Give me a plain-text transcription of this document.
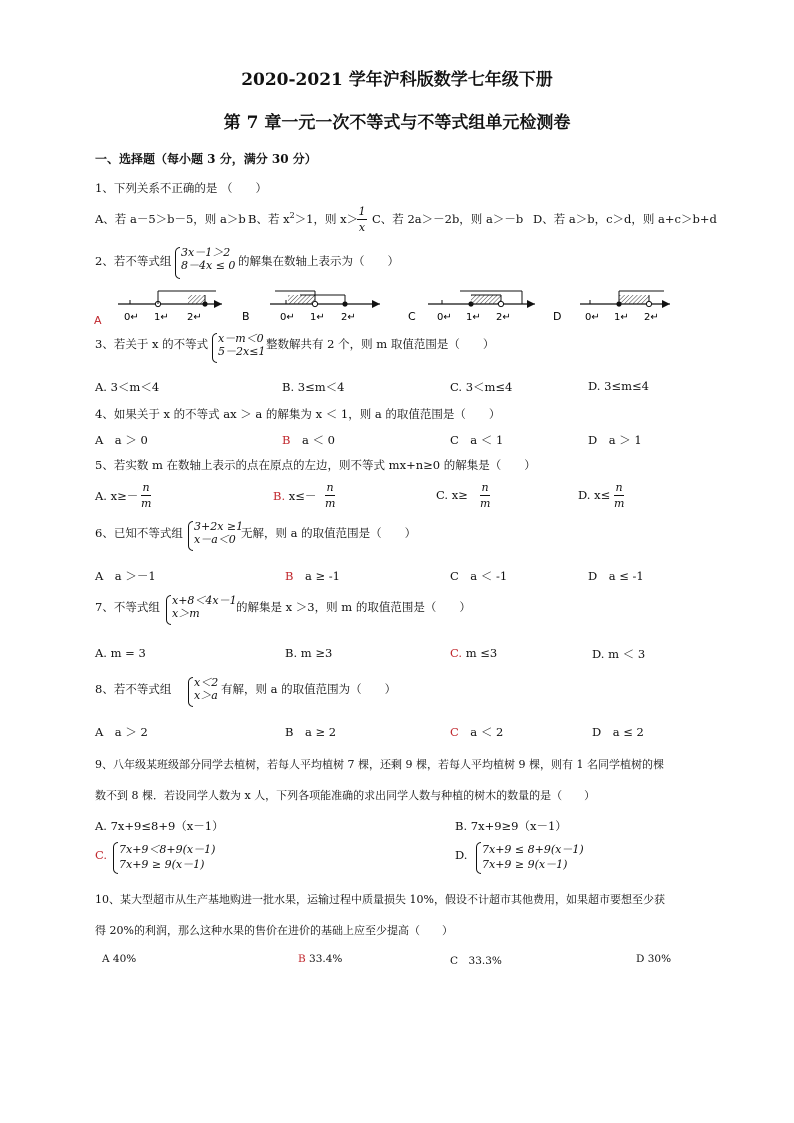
2020-2021 学年沪科版数学七年级下册
第 7 章一元一次不等式与不等式组单元检测卷
一、选择题（每小题 3 分，满分 30 分）
1、下列关系不正确的是 （　　）
A、若 a－5＞b－5，则 a＞b B、若 $x^2>1$，则 x＞
1
x
C、若 2a＞－2b，则 a＞－b D、若 a＞b，c＞d，则 a+c＞b+d
2、若不等式组
3x－1＞2
8－4x ≤ 0 的解集在数轴上表示为（　　）
0↵ 1↵ 2↵
A	0↵ 1↵ 2↵
B	0↵ 1↵ 2↵
C	0↵ 1↵ 2↵
D
3、若关于 x 的不等式 x－m＜0
5－2x≤1
整数解共有 2 个，则 m 取值范围是（　　）
A. 3＜m＜4	B. 3≤m＜4	C. 3＜m≤4	D. 3≤m≤4
4、如果关于 x 的不等式 ax ＞ a 的解集为 x ＜ 1，则 a 的取值范围是（　　）
A　a ＞ 0	B　a ＜ 0	C　a ＜ 1	D　a ＞ 1
5、若实数 m 在数轴上表示的点在原点的左边，则不等式 mx+n≥0 的解集是（　　）
A. x≥－
n
m
B. x≤－
n
m
C. x≥
n
m
D. x≤
n
m
6、已知不等式组 3+2x ≥1
x－a＜0 无解，则 a 的取值范围是（　　）
A　a ＞－1	B　a ≥ -1	C　a ＜ -1	D　a ≤ -1
7、不等式组 x+8＜4x－1
x＞m	的解集是 x ＞3，则 m 的取值范围是（　　）
A. m = 3	B. m ≥3	C. m ≤3	D. m ＜ 3
8、若不等式组 x＜2
x＞a 有解，则 a 的取值范围为（　　）
A　a ＞ 2	B　a ≥ 2	C　a ＜ 2	D　a ≤ 2
9、八年级某班级部分同学去植树，若每人平均植树 7 棵，还剩 9 棵，若每人平均植树 9 棵，则有 1 名同学植树的棵
数不到 8 棵．若设同学人数为 x 人，下列各项能准确的求出同学人数与种植的树木的数量的是（　　）
A. 7x+9≤8+9（x－1）	B. 7x+9≥9（x－1）
C. 7x+9＜8+9(x－1)
7x+9 ≥ 9(x－1)
D. 7x+9 ≤ 8+9(x－1)
7x+9 ≥ 9(x－1)
10、某大型超市从生产基地购进一批水果，运输过程中质量损失 10%，假设不计超市其他费用，如果超市要想至少获
得 20%的利润，那么这种水果的售价在进价的基础上应至少提高（　　）
A 40%	B 33.4%	C　33.3%	D 30%
